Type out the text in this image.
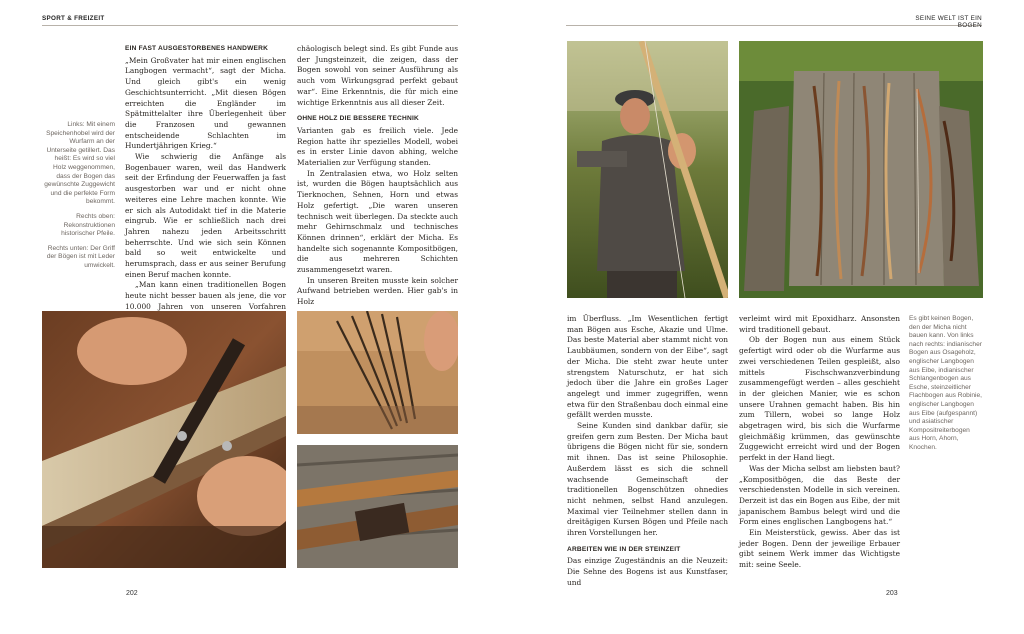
SPORT & FREIZEIT

Links: Mit einem Speichenhobel wird der Wurfarm an der Unterseite getillert. Das heißt: Es wird so viel Holz weggenommen, dass der Bogen das gewünschte Zuggewicht und die perfekte Form bekommt.

Rechts oben: Rekonstruktionen historischer Pfeile.

Rechts unten: Der Griff der Bögen ist mit Leder umwickelt.

EIN FAST AUSGESTORBENES HANDWERK

„Mein Großvater hat mir einen englischen Langbogen vermacht“, sagt der Micha. Und gleich gibt's ein wenig Geschichtsunterricht. „Mit diesen Bögen erreichten die Engländer im Spätmittelalter ihre Überlegenheit über die Franzosen und gewannen entscheidende Schlachten im Hundertjährigen Krieg.“

Wie schwierig die Anfänge als Bogenbauer waren, weil das Handwerk seit der Erfindung der Feuerwaffen ja fast ausgestorben war und er nicht ohne weiteres eine Lehre machen konnte. Wie er sich als Autodidakt tief in die Materie eingrub. Wie er schließlich nach drei Jahren nahezu jeden Arbeitsschritt beherrschte. Und wie sich sein Können bald so weit entwickelte und herumsprach, dass er aus seiner Berufung einen Beruf machen konnte.

„Man kann einen traditionellen Bogen heute nicht besser bauen als jene, die vor 10.000 Jahren von unseren Vorfahren

chäologisch belegt sind. Es gibt Funde aus der Jungsteinzeit, die zeigen, dass der Bogen sowohl von seiner Ausführung als auch vom Wirkungsgrad perfekt gebaut war“. Eine Erkenntnis, die für mich eine wichtige Erkenntnis aus all dieser Zeit.

OHNE HOLZ DIE BESSERE TECHNIK

Varianten gab es freilich viele. Jede Region hatte ihr spezielles Modell, wobei es in erster Linie davon abhing, welche Materialien zur Verfügung standen.

In Zentralasien etwa, wo Holz selten ist, wurden die Bögen hauptsächlich aus Tierknochen, Sehnen, Horn und etwas Holz gefertigt. „Die waren unseren technisch weit überlegen. Da steckte auch mehr Gehirnschmalz und technisches Können drinnen“, erklärt der Micha. Es handelte sich sogenannte Kompositbögen, die aus mehreren Schichten zusammengesetzt waren.

In unseren Breiten musste kein solcher Aufwand betrieben werden. Hier gab's in Holz

202
SEINE WELT IST EIN BOGEN

im Überfluss. „Im Wesentlichen fertigt man Bögen aus Esche, Akazie und Ulme. Das beste Material aber stammt nicht von Laubbäumen, sondern von der Eibe“, sagt der Micha. Die steht zwar heute unter strengstem Naturschutz, er hat sich jedoch über die Jahre ein großes Lager angelegt und immer zugegriffen, wenn etwa für den Straßenbau doch einmal eine gefällt werden musste.

Seine Kunden sind dankbar dafür, sie greifen gern zum Besten. Der Micha baut übrigens die Bögen nicht für sie, sondern mit ihnen. Das ist seine Philosophie. Außerdem lässt es sich die schnell wachsende Gemeinschaft der traditionellen Bogenschützen ohnedies nicht nehmen, selbst Hand anzulegen. Maximal vier Teilnehmer stellen dann in dreitägigen Kursen Bögen und Pfeile nach ihren Vorstellungen her.

ARBEITEN WIE IN DER STEINZEIT

Das einzige Zugeständnis an die Neuzeit: Die Sehne des Bogens ist aus Kunstfaser, und

verleimt wird mit Epoxidharz. Ansonsten wird traditionell gebaut.

Ob der Bogen nun aus einem Stück gefertigt wird oder ob die Wurfarme aus zwei verschiedenen Teilen gespleißt, also mittels Fischschwanzverbindung zusammengefügt werden – alles geschieht in der gleichen Manier, wie es schon unsere Urahnen gemacht haben. Bis hin zum Tillern, wobei so lange Holz abgetragen wird, bis sich die Wurfarme gleichmäßig krümmen, das gewünschte Zuggewicht erreicht wird und der Bogen perfekt in der Hand liegt.

Was der Micha selbst am liebsten baut? „Kompositbögen, die das Beste der verschiedensten Modelle in sich vereinen. Derzeit ist das ein Bogen aus Eibe, der mit japanischem Bambus belegt wird und die Form eines englischen Langbogens hat.“

Ein Meisterstück, gewiss. Aber das ist jeder Bogen. Denn der jeweilige Erbauer gibt seinem Werk immer das Wichtigste mit: seine Seele.

Es gibt keinen Bogen, den der Micha nicht bauen kann. Von links nach rechts: indianischer Bogen aus Osageholz, englischer Langbogen aus Eibe, indianischer Schlangenbogen aus Esche, steinzeitlicher Flachbogen aus Robinie, englischer Langbogen aus Eibe (aufgespannt) und asiatischer Kompositreiterbogen aus Horn, Ahorn, Knochen.

203
